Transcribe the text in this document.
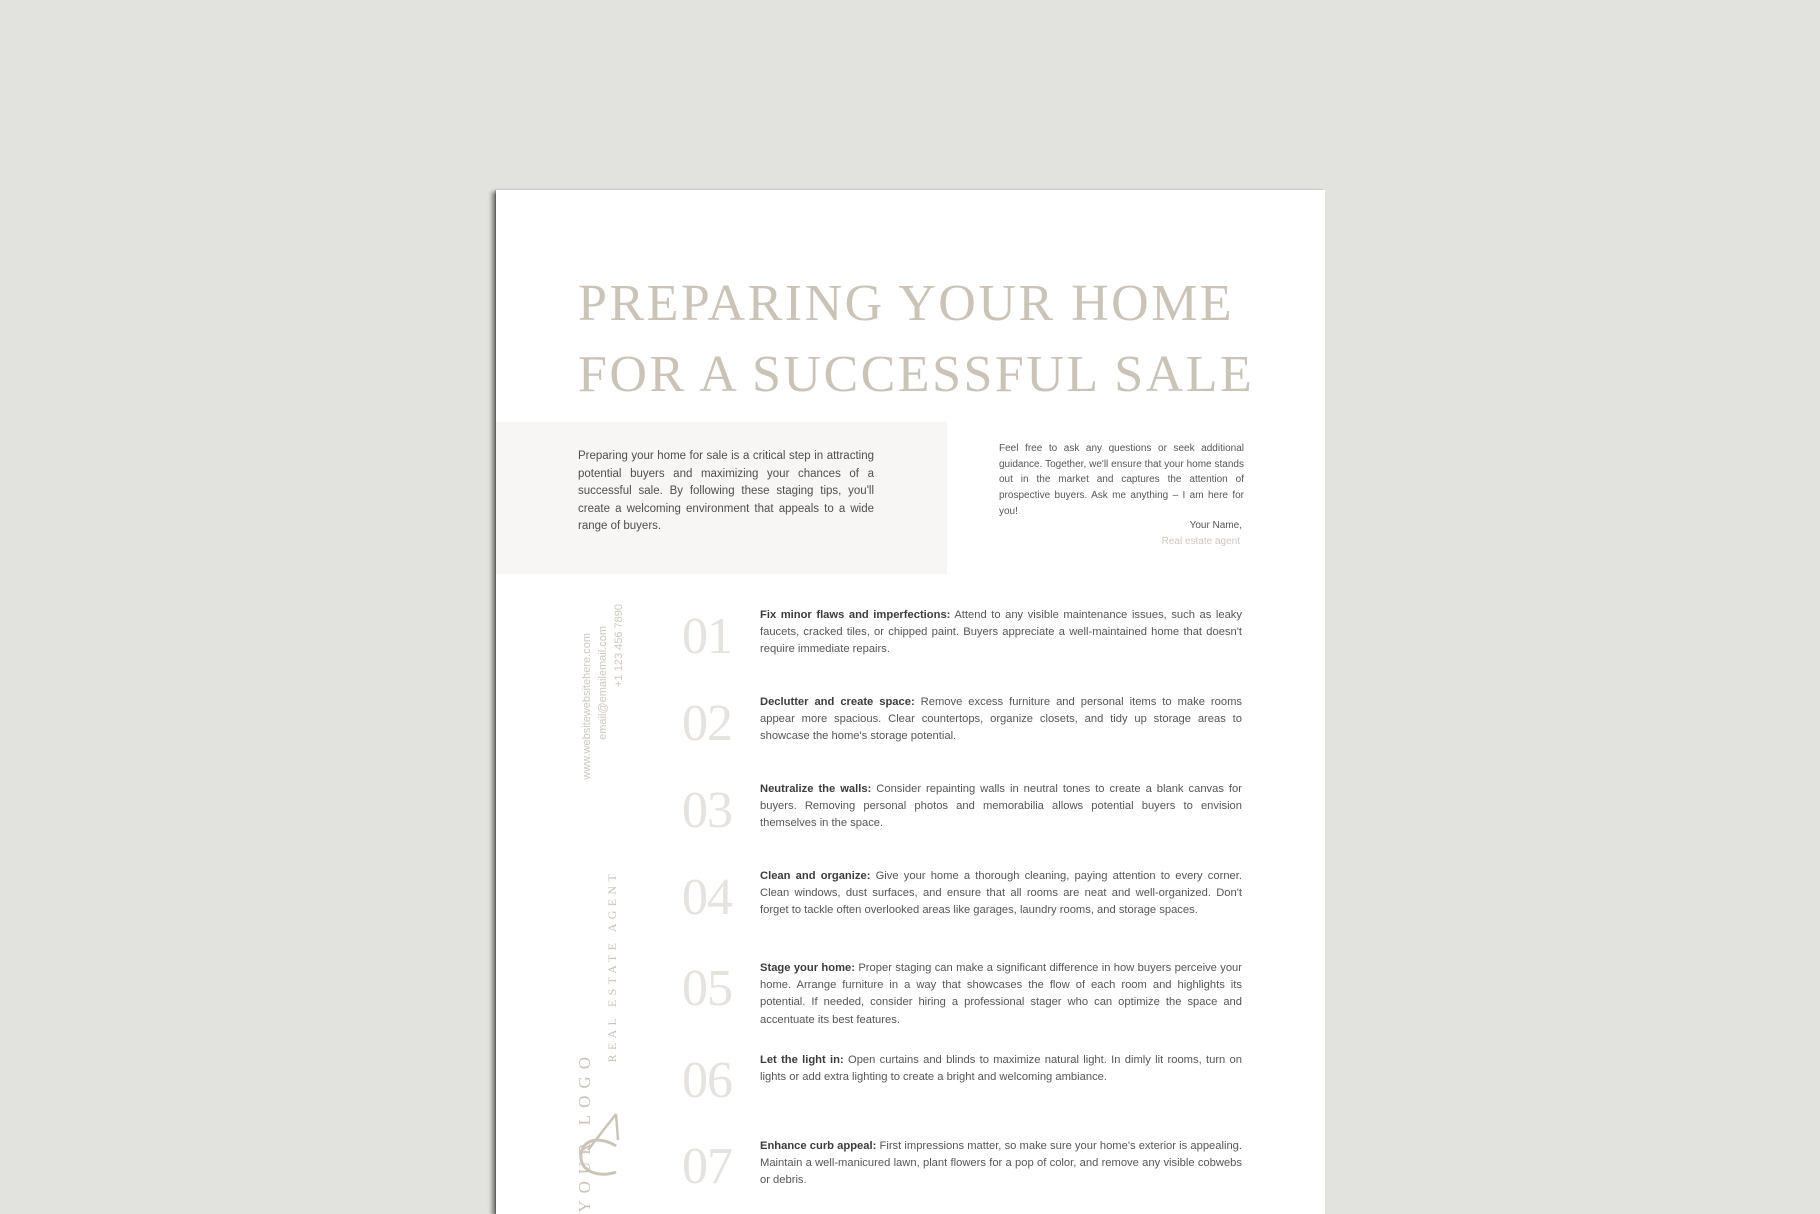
PREPARING YOUR HOME
FOR A SUCCESSFUL SALE

Preparing your home for sale is a critical step in attracting potential buyers and maximizing your chances of a successful sale. By following these staging tips, you'll create a welcoming environment that appeals to a wide range of buyers.

Feel free to ask any questions or seek additional guidance. Together, we'll ensure that your home stands out in the market and captures the attention of prospective buyers. Ask me anything – I am here for you!

Your Name,
Real estate agent
www.websitewebsitehere.com email@emailemail.com +1 123 456 7890
YOUR LOGO
REAL ESTATE AGENT
01	Fix minor flaws and imperfections: Attend to any visible maintenance issues, such as leaky faucets, cracked tiles, or chipped paint. Buyers appreciate a well-maintained home that doesn't require immediate repairs.

02	Declutter and create space: Remove excess furniture and personal items to make rooms appear more spacious. Clear countertops, organize closets, and tidy up storage areas to showcase the home's storage potential.

03	Neutralize the walls: Consider repainting walls in neutral tones to create a blank canvas for buyers. Removing personal photos and memorabilia allows potential buyers to envision themselves in the space.

04	Clean and organize: Give your home a thorough cleaning, paying attention to every corner. Clean windows, dust surfaces, and ensure that all rooms are neat and well-organized. Don't forget to tackle often overlooked areas like garages, laundry rooms, and storage spaces.

05	Stage your home: Proper staging can make a significant difference in how buyers perceive your home. Arrange furniture in a way that showcases the flow of each room and highlights its potential. If needed, consider hiring a professional stager who can optimize the space and accentuate its best features.

06	Let the light in: Open curtains and blinds to maximize natural light. In dimly lit rooms, turn on lights or add extra lighting to create a bright and welcoming ambiance.

07	Enhance curb appeal: First impressions matter, so make sure your home's exterior is appealing. Maintain a well-manicured lawn, plant flowers for a pop of color, and remove any visible cobwebs or debris.
